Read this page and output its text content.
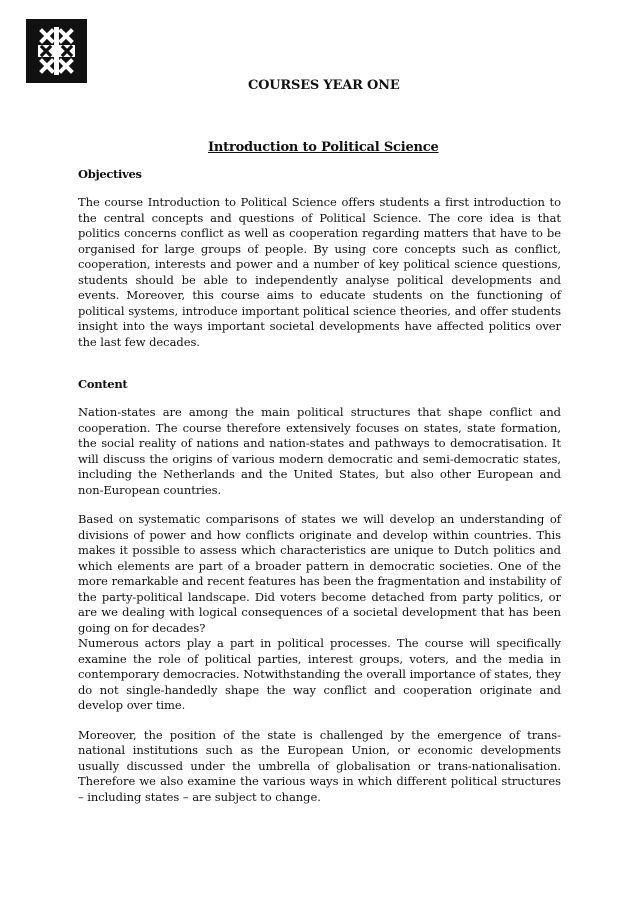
COURSES YEAR ONE
Introduction to Political Science
Objectives

The course Introduction to Political Science offers students a first introduction to the central concepts and questions of Political Science. The core idea is that politics concerns conflict as well as cooperation regarding matters that have to be organised for large groups of people. By using core concepts such as conflict, cooperation, interests and power and a number of key political science questions, students should be able to independently analyse political developments and events. Moreover, this course aims to educate students on the functioning of political systems, introduce important political science theories, and offer students insight into the ways important societal developments have affected politics over the last few decades.

Content

Nation-states are among the main political structures that shape conflict and cooperation. The course therefore extensively focuses on states, state formation, the social reality of nations and nation-states and pathways to democratisation. It will discuss the origins of various modern democratic and semi-democratic states, including the Netherlands and the United States, but also other European and non-European countries.

Based on systematic comparisons of states we will develop an understanding of divisions of power and how conflicts originate and develop within countries. This makes it possible to assess which characteristics are unique to Dutch politics and which elements are part of a broader pattern in democratic societies. One of the more remarkable and recent features has been the fragmentation and instability of the party-political landscape. Did voters become detached from party politics, or are we dealing with logical consequences of a societal development that has been going on for decades?

Numerous actors play a part in political processes. The course will specifically examine the role of political parties, interest groups, voters, and the media in contemporary democracies. Notwithstanding the overall importance of states, they do not single-handedly shape the way conflict and cooperation originate and develop over time.

Moreover, the position of the state is challenged by the emergence of trans-national institutions such as the European Union, or economic developments usually discussed under the umbrella of globalisation or trans-nationalisation. Therefore we also examine the various ways in which different political structures – including states – are subject to change.
